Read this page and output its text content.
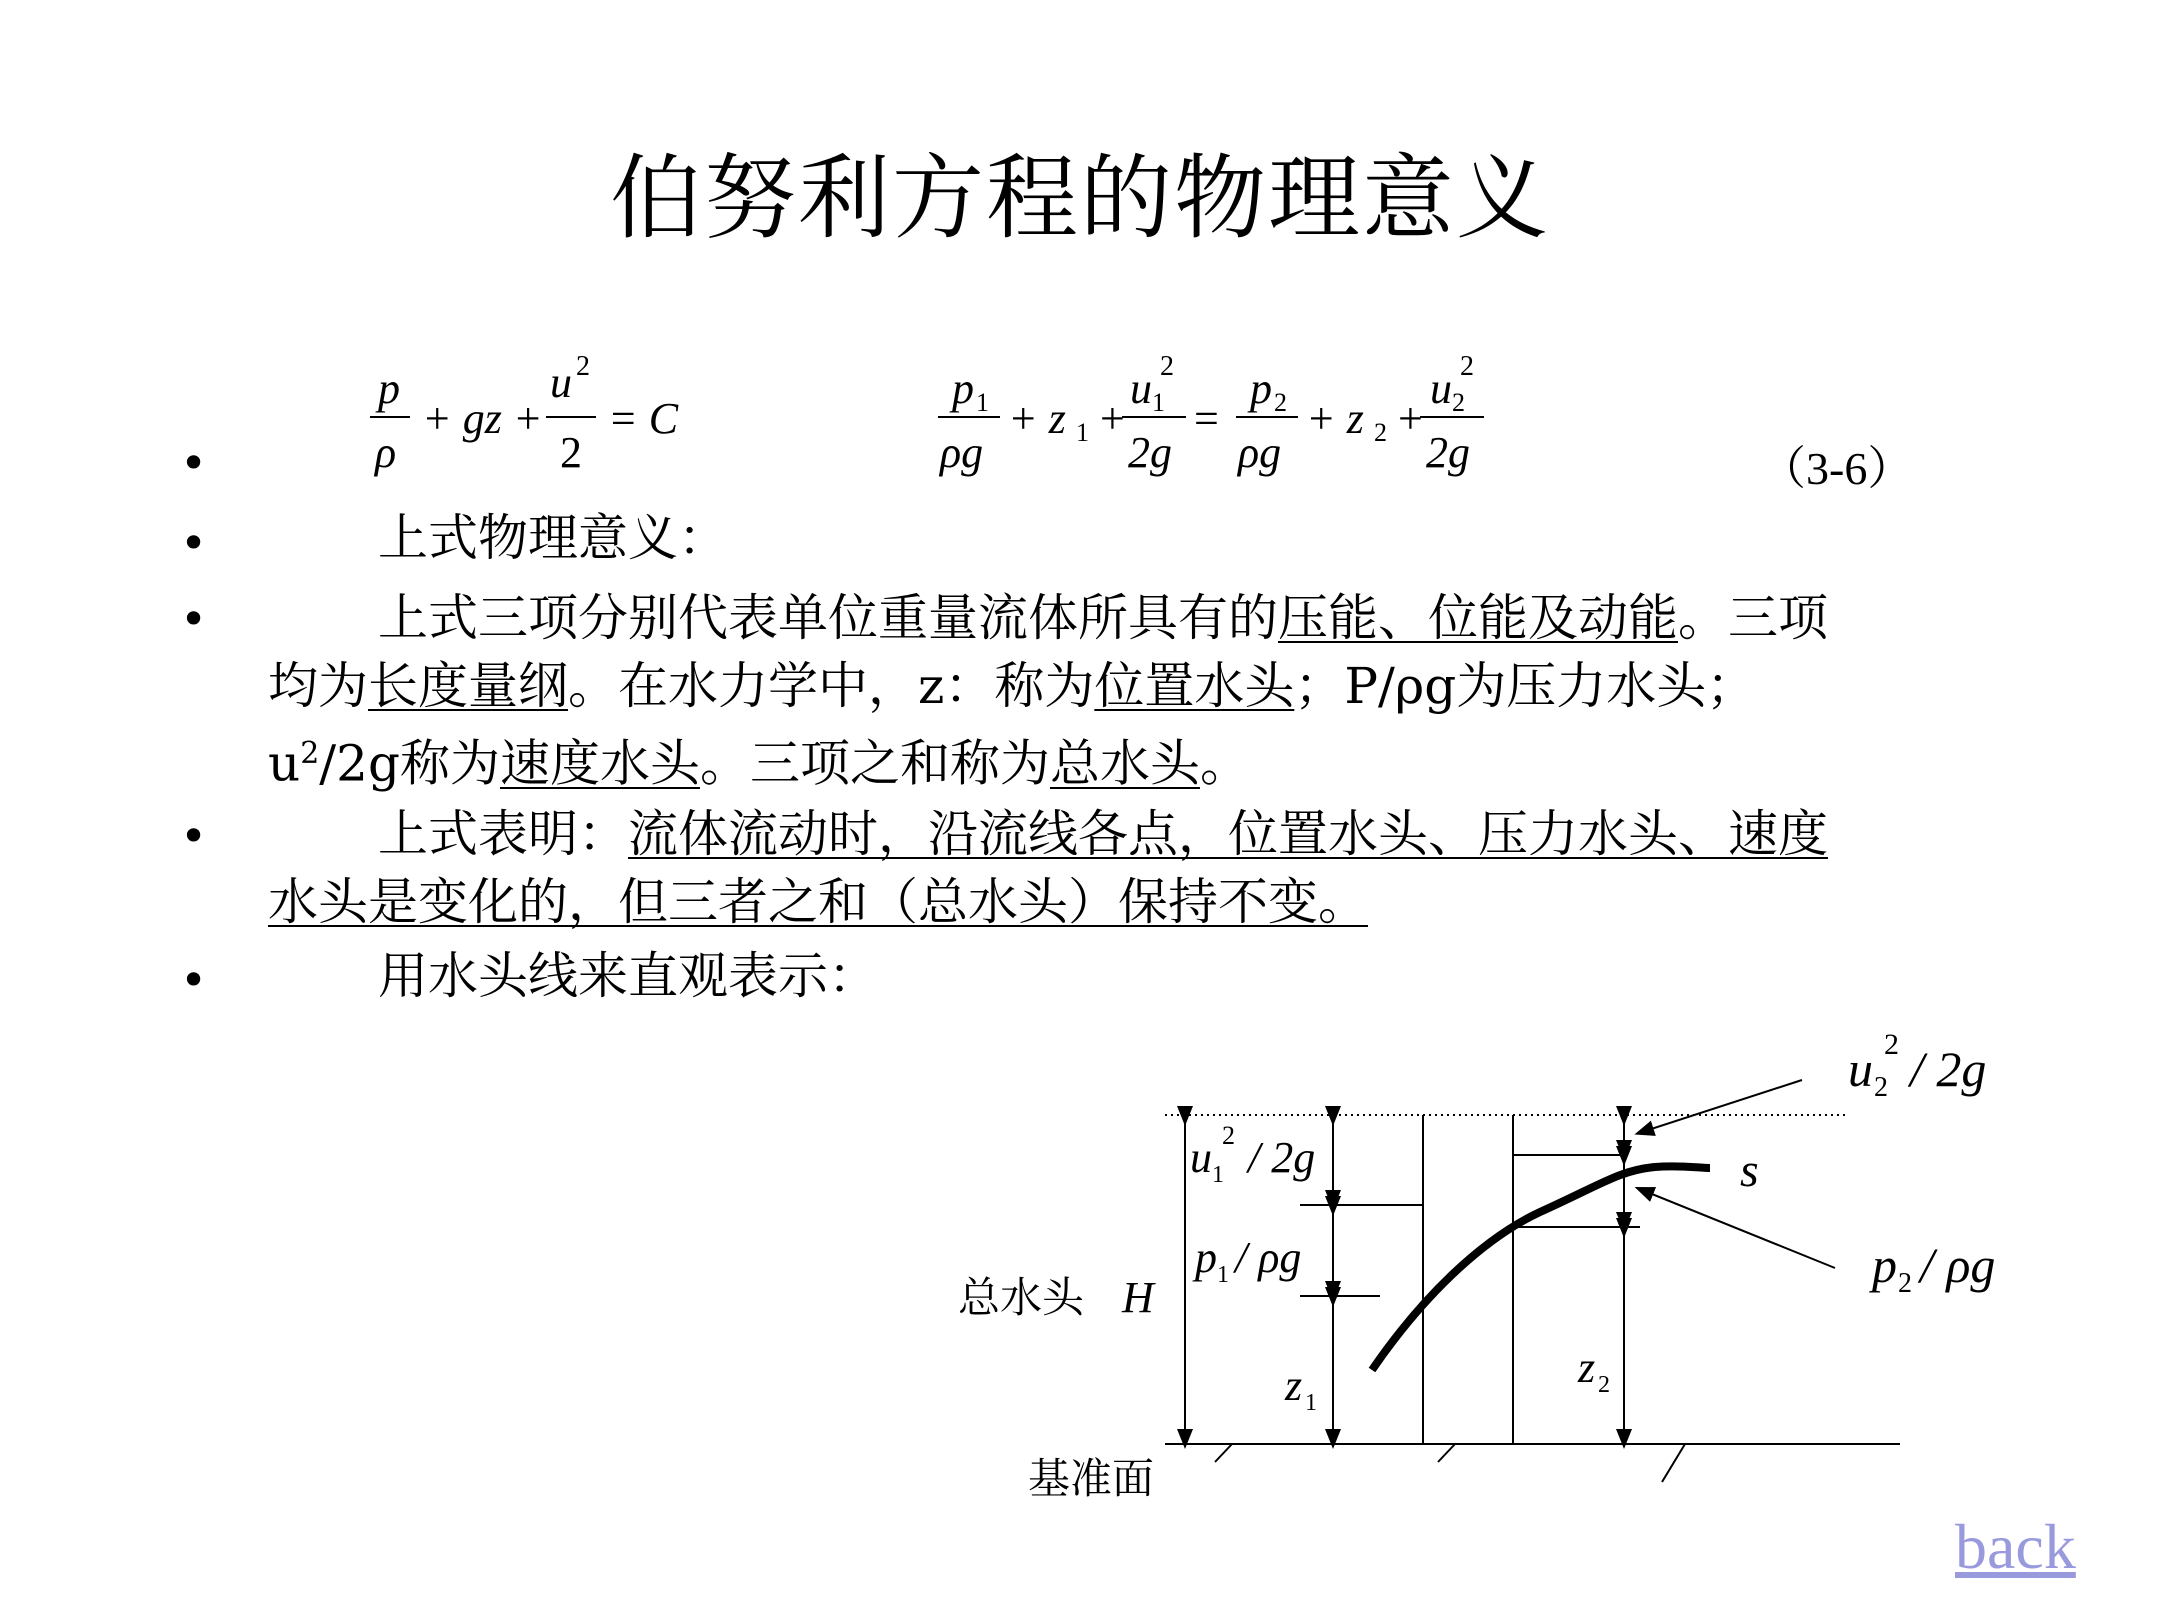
伯努利方程的物理意义
•
p
ρ
+ gz +
u 2
2
= C
p 1
ρg
+ z 1 +
u 1
2
2g
=
p 2
ρg
+ z 2 +
u 2
2
2g	（3-6）
•	上式物理意义：
•	上式三项分别代表单位重量流体所具有的压能、位能及动能。三项
均为长度量纲。在水力学中，z：称为位置水头；P/ρg为压力水头；
$u^2/2g$称为速度水头。三项之和称为总水头。
•	上式表明：流体流动时，沿流线各点，位置水头、压力水头、速度
水头是变化的，但三者之和（总水头）保持不变。
•	用水头线来直观表示：
总水头 H
基准面
u 1
2 / 2g
p 1 / ρg
z 1
z 2
u 2
2 / 2g
s
p 2 / ρg
back
